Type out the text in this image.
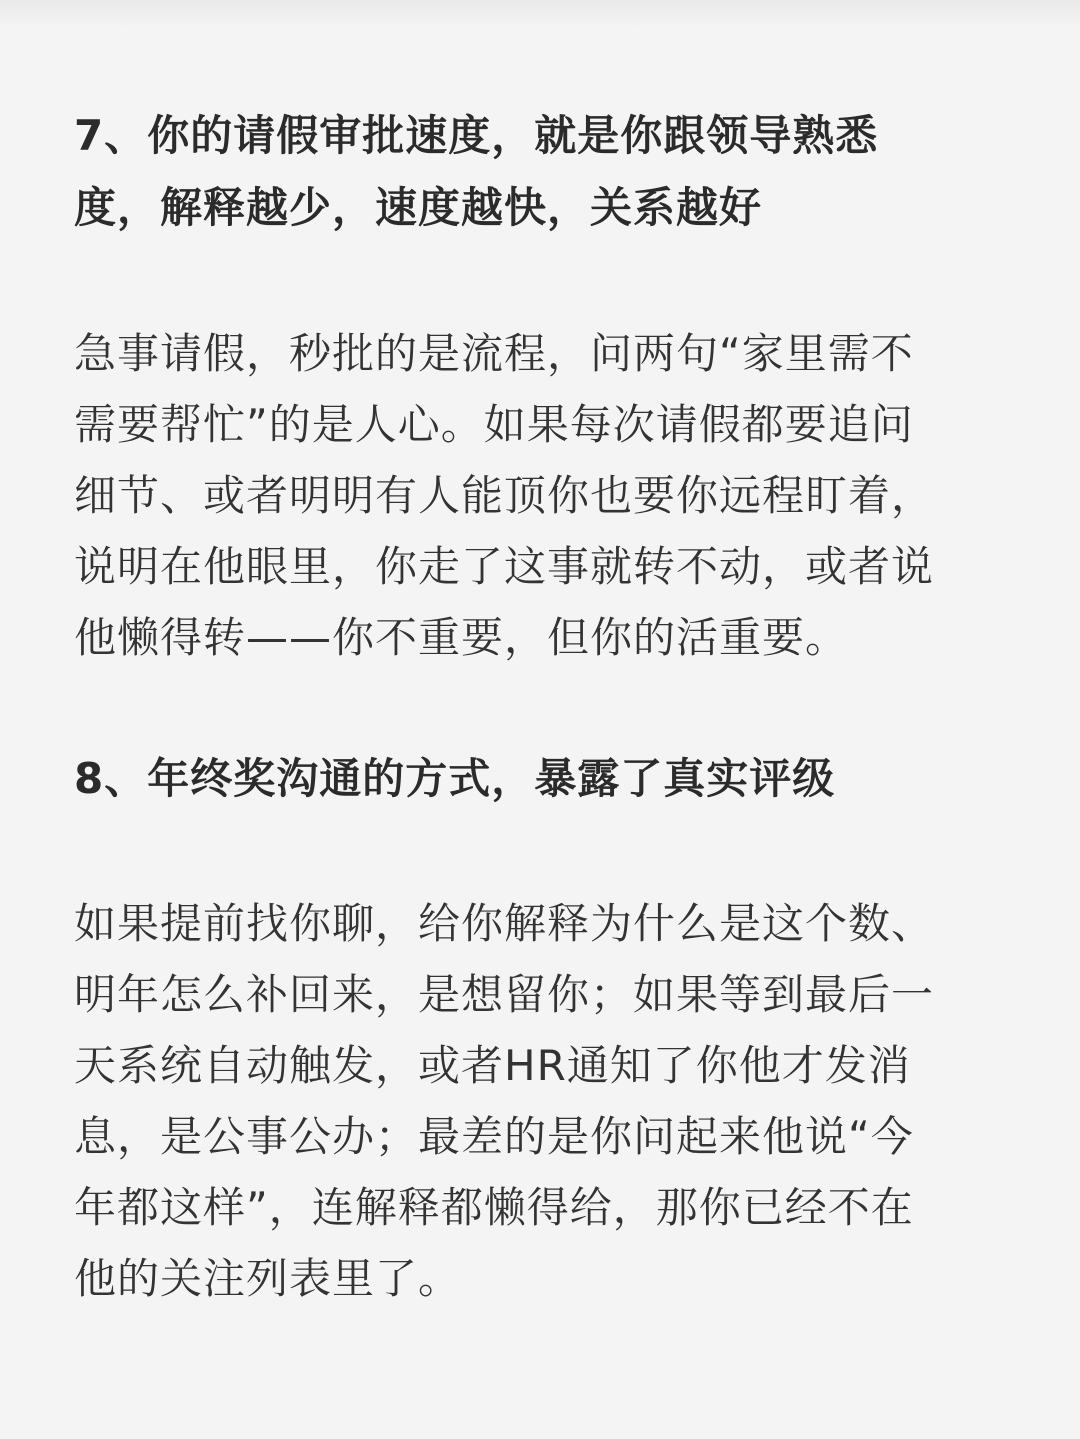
7、你的请假审批速度，就是你跟领导熟悉
度，解释越少，速度越快，关系越好

急事请假，秒批的是流程，问两句“家里需不
需要帮忙”的是人心。如果每次请假都要追问
细节、或者明明有人能顶你也要你远程盯着，
说明在他眼里，你走了这事就转不动，或者说
他懒得转——你不重要，但你的活重要。

8、年终奖沟通的方式，暴露了真实评级

如果提前找你聊，给你解释为什么是这个数、
明年怎么补回来，是想留你；如果等到最后一
天系统自动触发，或者HR通知了你他才发消
息，是公事公办；最差的是你问起来他说“今
年都这样”，连解释都懒得给，那你已经不在
他的关注列表里了。
